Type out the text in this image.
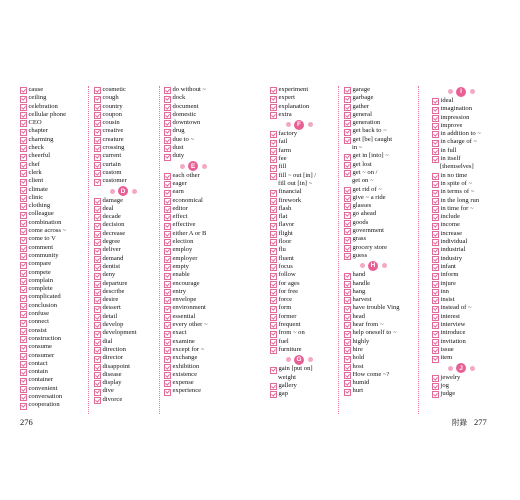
cause
ceiling
celebration
cellular phone
CEO
chapter
charming
check
cheerful
chef
clerk
client
climate
clinic
clothing
colleague
combination
come across ~
come to V
comment
community
compare
compete
complain
complete
complicated
conclusion
confuse
connect
consist
construction
consume
consumer
contact
contain
container
convenient
conversation
cooperation
cosmetic
cough
country
coupon
cousin
creative
creature
crossing
current
curtain
custom
customer
D
damage
deal
decade
decision
decrease
degree
deliver
demand
dentist
deny
departure
describe
desire
dessert
detail
develop
development
dial
direction
director
disappoint
disease
display
dive
divorce
do without ~
dock
document
domestic
downtown
drug
due to ~
dust
duty
E
each other
eager
earn
economical
editor
effect
effective
either A or B
election
employ
employer
empty
enable
encourage
entry
envelope
environment
essential
every other ~
exact
examine
except for ~
exchange
exhibition
existence
expense
experience
experiment
expert
explanation
extra
F
factory
fail
farm
fee
fill
fill ~ out [in] /
fill out [in] ~
financial
firework
flash
flat
flavor
flight
floor
flu
fluent
focus
follow
for ages
for free
force
form
former
frequent
from ~ on
fuel
furniture
G
gain [put on]
weight
gallery
gap
garage
garbage
gather
general
generation
get back to ~
get [be] caught
in ~
get in [into] ~
get lost
get ~ on /
get on ~
get rid of ~
give ~ a ride
glasses
go ahead
goods
government
grass
grocery store
guess
H
hand
handle
hang
harvest
have trouble Ving
head
hear from ~
help oneself to ~
highly
hire
hold
host
How come ~?
humid
hurt
I
ideal
imagination
impression
improve
in addition to ~
in charge of ~
in full
in itself
[themselves]
in no time
in spite of ~
in terms of ~
in the long run
in time for ~
include
income
increase
individual
industrial
industry
infant
inform
injure
inn
insist
instead of ~
interest
interview
introduce
invitation
issue
item
J
jewelry
jog
judge
276	附錄 277
